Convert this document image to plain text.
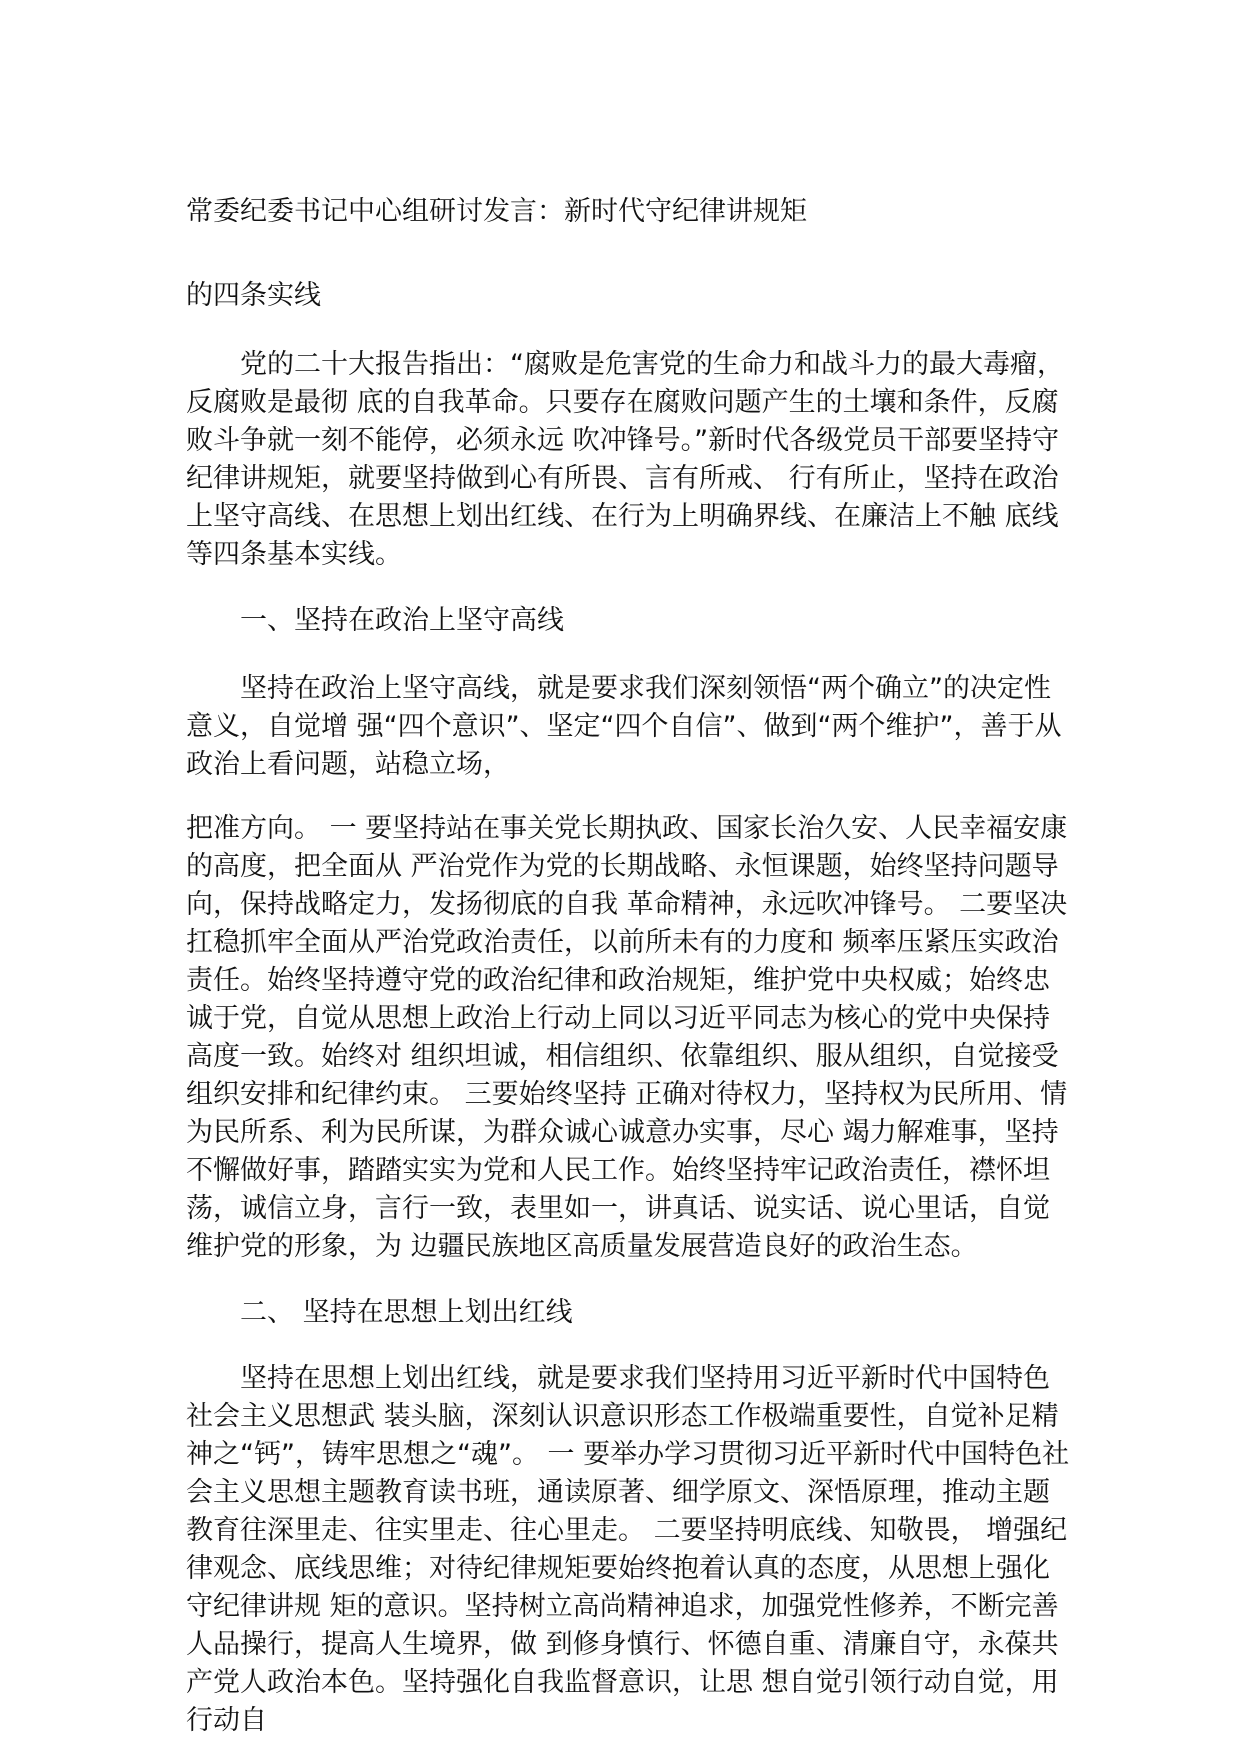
常委纪委书记中心组研讨发言：新时代守纪律讲规矩
的四条实线

党的二十大报告指出：“腐败是危害党的生命力和战斗力的最大毒瘤，反腐败是最彻 底的自我革命。只要存在腐败问题产生的土壤和条件，反腐败斗争就一刻不能停，必须永远 吹冲锋号。”新时代各级党员干部要坚持守纪律讲规矩，就要坚持做到心有所畏、言有所戒、 行有所止，坚持在政治上坚守高线、在思想上划出红线、在行为上明确界线、在廉洁上不触 底线等四条基本实线。

一、坚持在政治上坚守高线

坚持在政治上坚守高线，就是要求我们深刻领悟“两个确立”的决定性意义，自觉增 强“四个意识”、坚定“四个自信”、做到“两个维护”，善于从政治上看问题，站稳立场，

把准方向。 一 要坚持站在事关党长期执政、国家长治久安、人民幸福安康的高度，把全面从 严治党作为党的长期战略、永恒课题，始终坚持问题导向，保持战略定力，发扬彻底的自我 革命精神，永远吹冲锋号。 二要坚决扛稳抓牢全面从严治党政治责任，以前所未有的力度和 频率压紧压实政治责任。始终坚持遵守党的政治纪律和政治规矩，维护党中央权威；始终忠 诚于党，自觉从思想上政治上行动上同以习近平同志为核心的党中央保持高度一致。始终对 组织坦诚，相信组织、依靠组织、服从组织，自觉接受组织安排和纪律约束。 三要始终坚持 正确对待权力，坚持权为民所用、情为民所系、利为民所谋，为群众诚心诚意办实事，尽心 竭力解难事，坚持不懈做好事，踏踏实实为党和人民工作。始终坚持牢记政治责任，襟怀坦荡，诚信立身，言行一致，表里如一，讲真话、说实话、说心里话，自觉维护党的形象，为 边疆民族地区高质量发展营造良好的政治生态。

二、 坚持在思想上划出红线

坚持在思想上划出红线，就是要求我们坚持用习近平新时代中国特色社会主义思想武 装头脑，深刻认识意识形态工作极端重要性，自觉补足精神之“钙”，铸牢思想之“魂”。 一 要举办学习贯彻习近平新时代中国特色社会主义思想主题教育读书班，通读原著、细学原文、深悟原理，推动主题教育往深里走、往实里走、往心里走。 二要坚持明底线、知敬畏， 增强纪律观念、底线思维；对待纪律规矩要始终抱着认真的态度，从思想上强化守纪律讲规 矩的意识。坚持树立高尚精神追求，加强党性修养，不断完善人品操行，提高人生境界，做 到修身慎行、怀德自重、清廉自守，永葆共产党人政治本色。坚持强化自我监督意识，让思 想自觉引领行动自觉，用行动自
